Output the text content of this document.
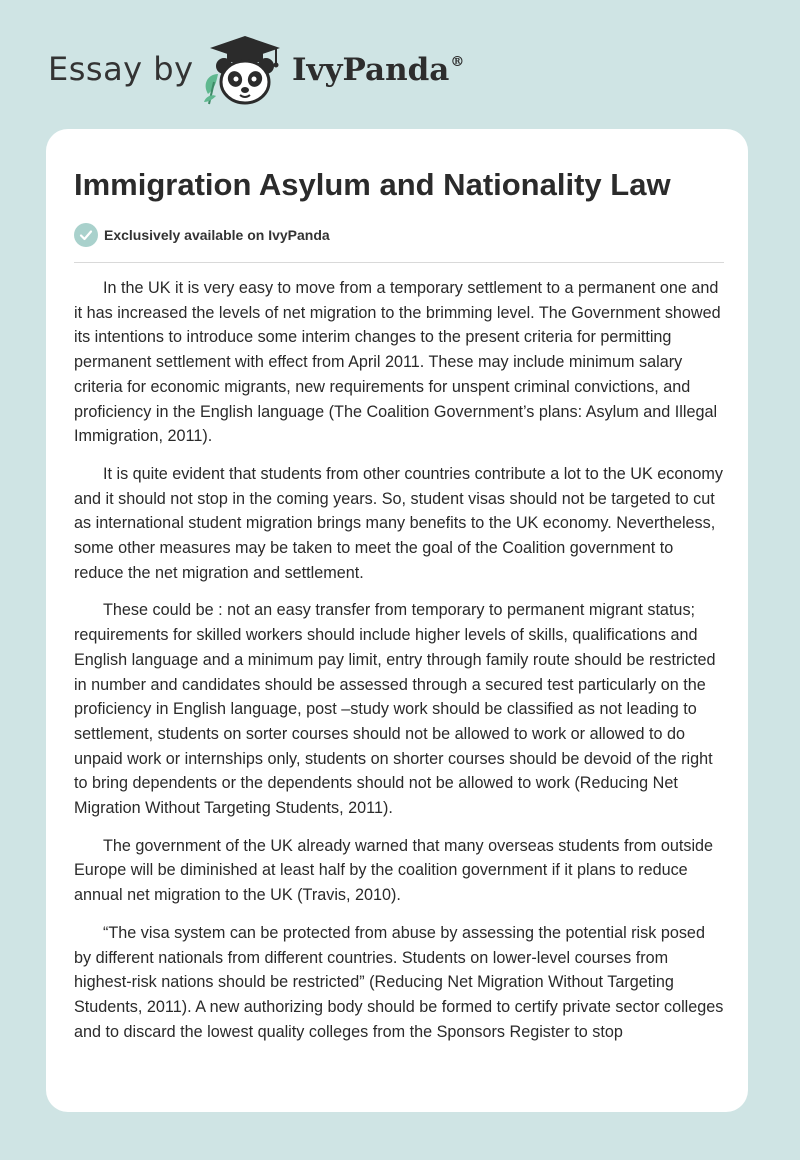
Essay by	IvyPanda®
Immigration Asylum and Nationality Law
Exclusively available on IvyPanda

In the UK it is very easy to move from a temporary settlement to a permanent one and it has increased the levels of net migration to the brimming level. The Government showed its intentions to introduce some interim changes to the present criteria for permitting permanent settlement with effect from April 2011. These may include minimum salary criteria for economic migrants, new requirements for unspent criminal convictions, and proficiency in the English language (The Coalition Government’s plans: Asylum and Illegal Immigration, 2011).

It is quite evident that students from other countries contribute a lot to the UK economy and it should not stop in the coming years. So, student visas should not be targeted to cut as international student migration brings many benefits to the UK economy. Nevertheless, some other measures may be taken to meet the goal of the Coalition government to reduce the net migration and settlement.

These could be : not an easy transfer from temporary to permanent migrant status; requirements for skilled workers should include higher levels of skills, qualifications and English language and a minimum pay limit, entry through family route should be restricted in number and candidates should be assessed through a secured test particularly on the proficiency in English language, post –study work should be classified as not leading to settlement, students on sorter courses should not be allowed to work or allowed to do unpaid work or internships only, students on shorter courses should be devoid of the right to bring dependents or the dependents should not be allowed to work (Reducing Net Migration Without Targeting Students, 2011).

The government of the UK already warned that many overseas students from outside Europe will be diminished at least half by the coalition government if it plans to reduce annual net migration to the UK (Travis, 2010).

“The visa system can be protected from abuse by assessing the potential risk posed by different nationals from different countries. Students on lower-level courses from highest-risk nations should be restricted” (Reducing Net Migration Without Targeting Students, 2011). A new authorizing body should be formed to certify private sector colleges and to discard the lowest quality colleges from the Sponsors Register to stop
